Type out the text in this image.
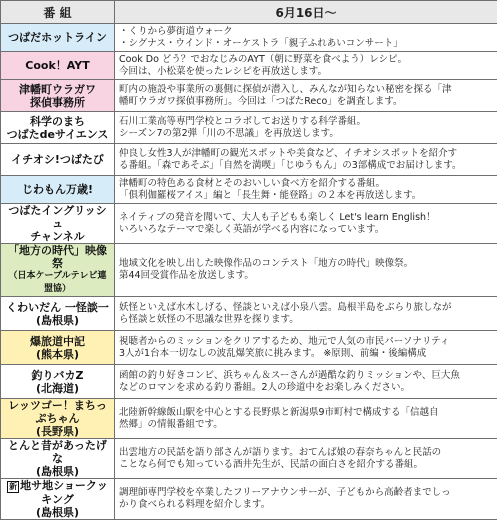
番 組	6月16日〜

つばだホットライン	・くりから夢街道ウォーク
・シグナス・ウインド・オーケストラ「親子ふれあいコンサート」

Cook！AYT	Cook Do どう？でおなじみのAYT（朝に野菜を食べよう）レシピ。
今回は、小松菜を使ったレシピを再放送します。

津幡町ウラガワ
探偵事務所	町内の施設や事業所の裏側に探偵が潜入し、みんなが知らない秘密を探る「津
幡町ウラガワ探偵事務所」。今回は「つばたReco」を調査します。

科学のまち
つばたdeサイエンス	石川工業高等専門学校とコラボしてお送りする科学番組。
シーズン7の第2弾「川の不思議」を再放送します。

イチオシ!つばたび	仲良し女性3人が津幡町の観光スポットや美食など、イチオシスポットを紹介す
る番組。「森であそぶ」「自然を満喫」「じゆうもん」の3部構成でお届けします。

じわもん万歳!	津幡町の特色ある食材とそのおいしい食べ方を紹介する番組。
「俱利伽羅桜アイス」編と「長生舞・能登路」の２本を再放送します。

つばたイングリッシュ
チャンネル	ネイティブの発音を聞いて、大人も子どもも楽しく Let's learn English！
いろいろなテーマで楽しく英語が学べる内容になっています。

「地方の時代」映像祭
（日本ケーブルテレビ連盟協）	地域文化を映し出した映像作品のコンテスト「地方の時代」映像祭。
第44回受賞作品を放送します。

くわいだん 一怪談一
(島根県)	妖怪といえば水木しげる、怪談といえば小泉八雲。島根半島をぶらり旅しなが
ら怪談と妖怪の不思議な世界を探ります。

爆旅道中記
(熊本県)	視聴者からのミッションをクリアするため、地元で人気の市民パーソナリティ
3人が1台本一切なしの波乱爆笑旅に挑みます。 ※原則、前編・後編構成

釣りバカZ
(北海道)	函館の釣り好きコンビ、浜ちゃん＆スーさんが過酷な釣りミッションや、巨大魚
などのロマンを求める釣り番組。2人の珍道中をお楽しみください。

レッツゴー！まちっぷちゃん
(長野県)	北陸新幹線飯山駅を中心とする長野県と新潟県9市町村で構成する「信越自
然郷」の情報番組です。

とんと昔があったげな
(島根県)	出雲地方の民話を語り部さんが語ります。おてんば娘の春奈ちゃんと民話の
ことなら何でも知っている酒井先生が、民話の面白さを紹介する番組。

新 地サ地ショークッキング
(島根県)	調理師専門学校を卒業したフリーアナウンサーが、子どもから高齢者までしっ
かり食べられる料理を紹介します。
